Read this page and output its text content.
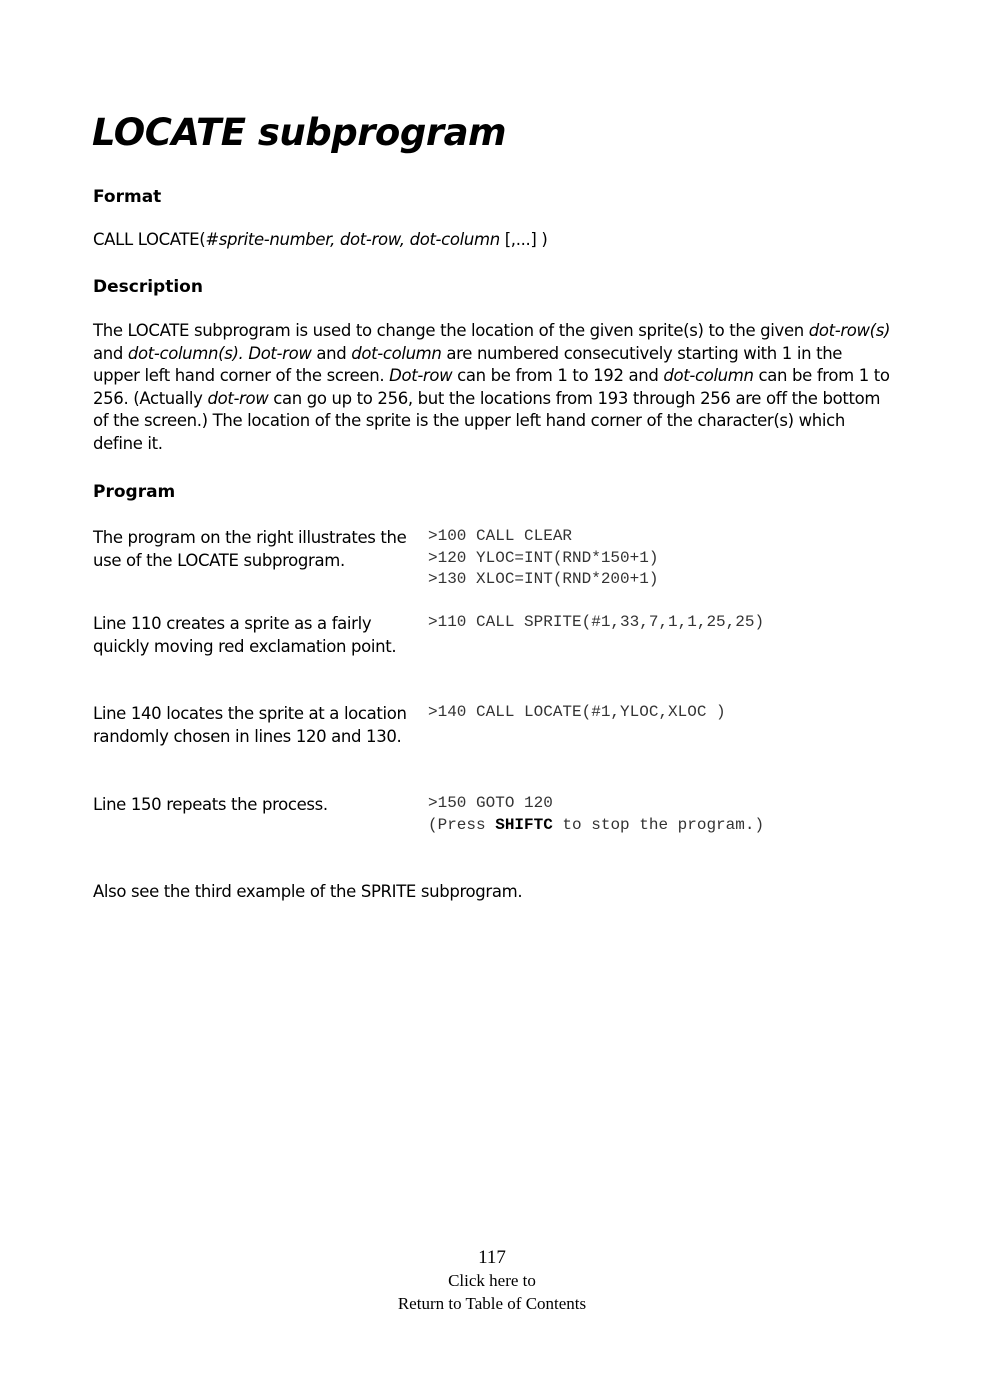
LOCATE subprogram
Format

CALL LOCATE(#sprite-number, dot-row, dot-column [,...] )

Description

The LOCATE subprogram is used to change the location of the given sprite(s) to the given dot-row(s) and dot-column(s). Dot-row and dot-column are numbered consecutively starting with 1 in the upper left hand corner of the screen. Dot-row can be from 1 to 192 and dot-column can be from 1 to 256. (Actually dot-row can go up to 256, but the locations from 193 through 256 are off the bottom of the screen.) The location of the sprite is the upper left hand corner of the character(s) which define it.

Program
The program on the right illustrates the use of the LOCATE subprogram.
>100 CALL CLEAR
>120 YLOC=INT(RND*150+1)
>130 XLOC=INT(RND*200+1)
Line 110 creates a sprite as a fairly quickly moving red exclamation point.
>110 CALL SPRITE(#1,33,7,1,1,25,25)
Line 140 locates the sprite at a location randomly chosen in lines 120 and 130.
>140 CALL LOCATE(#1,YLOC,XLOC )
Line 150 repeats the process.	>150 GOTO 120
(Press SHIFTC to stop the program.)

Also see the third example of the SPRITE subprogram.

117
Click here to
Return to Table of Contents
